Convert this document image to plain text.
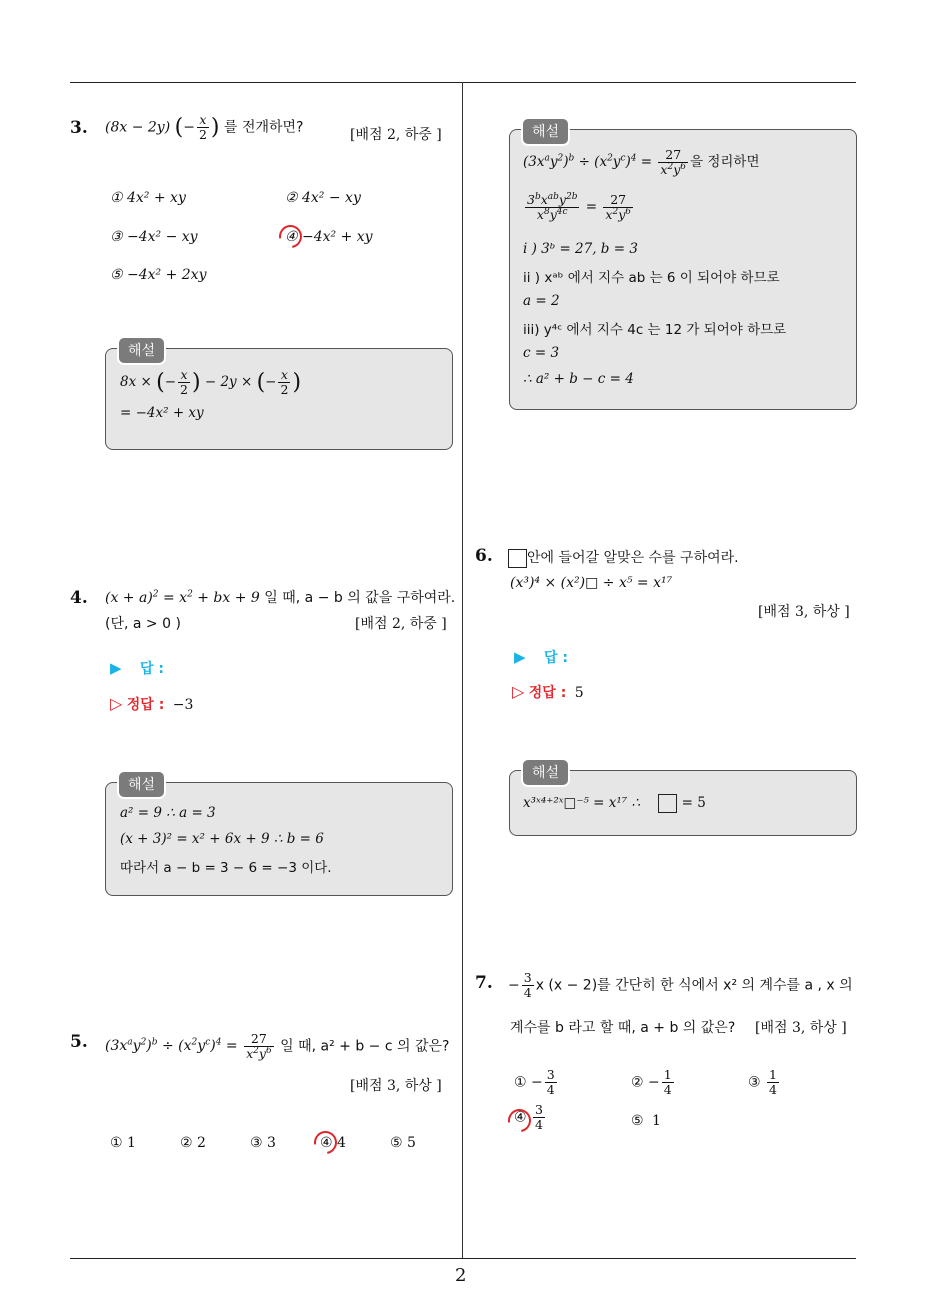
3. (8x − 2y) (− $\frac{x}{2}$ ) 를 전개하면?	[배점 2, 하중 ]
① 4x² + xy	② 4x² − xy
③ −4x² − xy	④ −4x² + xy
⑤ −4x² + 2xy
해설
8x × (− $\frac{x}{2}$ ) − 2y × (− $\frac{x}{2}$ )
= −4x² + xy
4. $(x + a)^2 = x^2$ + bx + 9 일 때, a − b 의 값을 구하여라.
(단, a > 0 )	[배점 2, 하중 ]
▶ 답 :
▷ 정답 : −3
해설
a² = 9 ∴ a = 3
(x + 3)² = x² + 6x + 9 ∴ b = 6
따라서 a − b = 3 − 6 = −3 이다.
5. $(3x^ay^2)^b \div (x^2y^c)^4 = \frac{27}{x^2y^6}$ 일 때, a² + b − c 의 값은?
[배점 3, 하상 ]
① 1	② 2	③ 3	④ 4	⑤ 5
해설
$(3x^ay^2)^b \div (x^2y^c)^4 = \frac{27}{x^2y^6}$ 을 정리하면
$\frac{3^bx^{ab}y^{2b}}{x^8y^{4c}} = \frac{27}{x^2y^6}$
i ) 3ᵇ = 27, b = 3
ii ) xᵃᵇ 에서 지수 ab 는 6 이 되어야 하므로
a = 2
iii) y⁴ᶜ 에서 지수 4c 는 12 가 되어야 하므로
c = 3
∴ a² + b − c = 4
6.	안에 들어갈 알맞은 수를 구하여라.
(x³)⁴ × (x²)□ ÷ x⁵ = x¹⁷
[배점 3, 하상 ]
▶ 답 :
▷ 정답 : 5
해설
x³ˣ⁴⁺²ˣ□⁻⁵ = x¹⁷ ∴	= 5
7. − $\frac{3}{4}$ x (x − 2)를 간단히 한 식에서 x² 의 계수를 a , x 의
계수를 b 라고 할 때, a + b 의 값은? [배점 3, 하상 ]
① − $\frac{3}{4}$	② − $\frac{1}{4}$	③ $\frac{1}{4}$
④ $\frac{3}{4}$	⑤ 1
2
